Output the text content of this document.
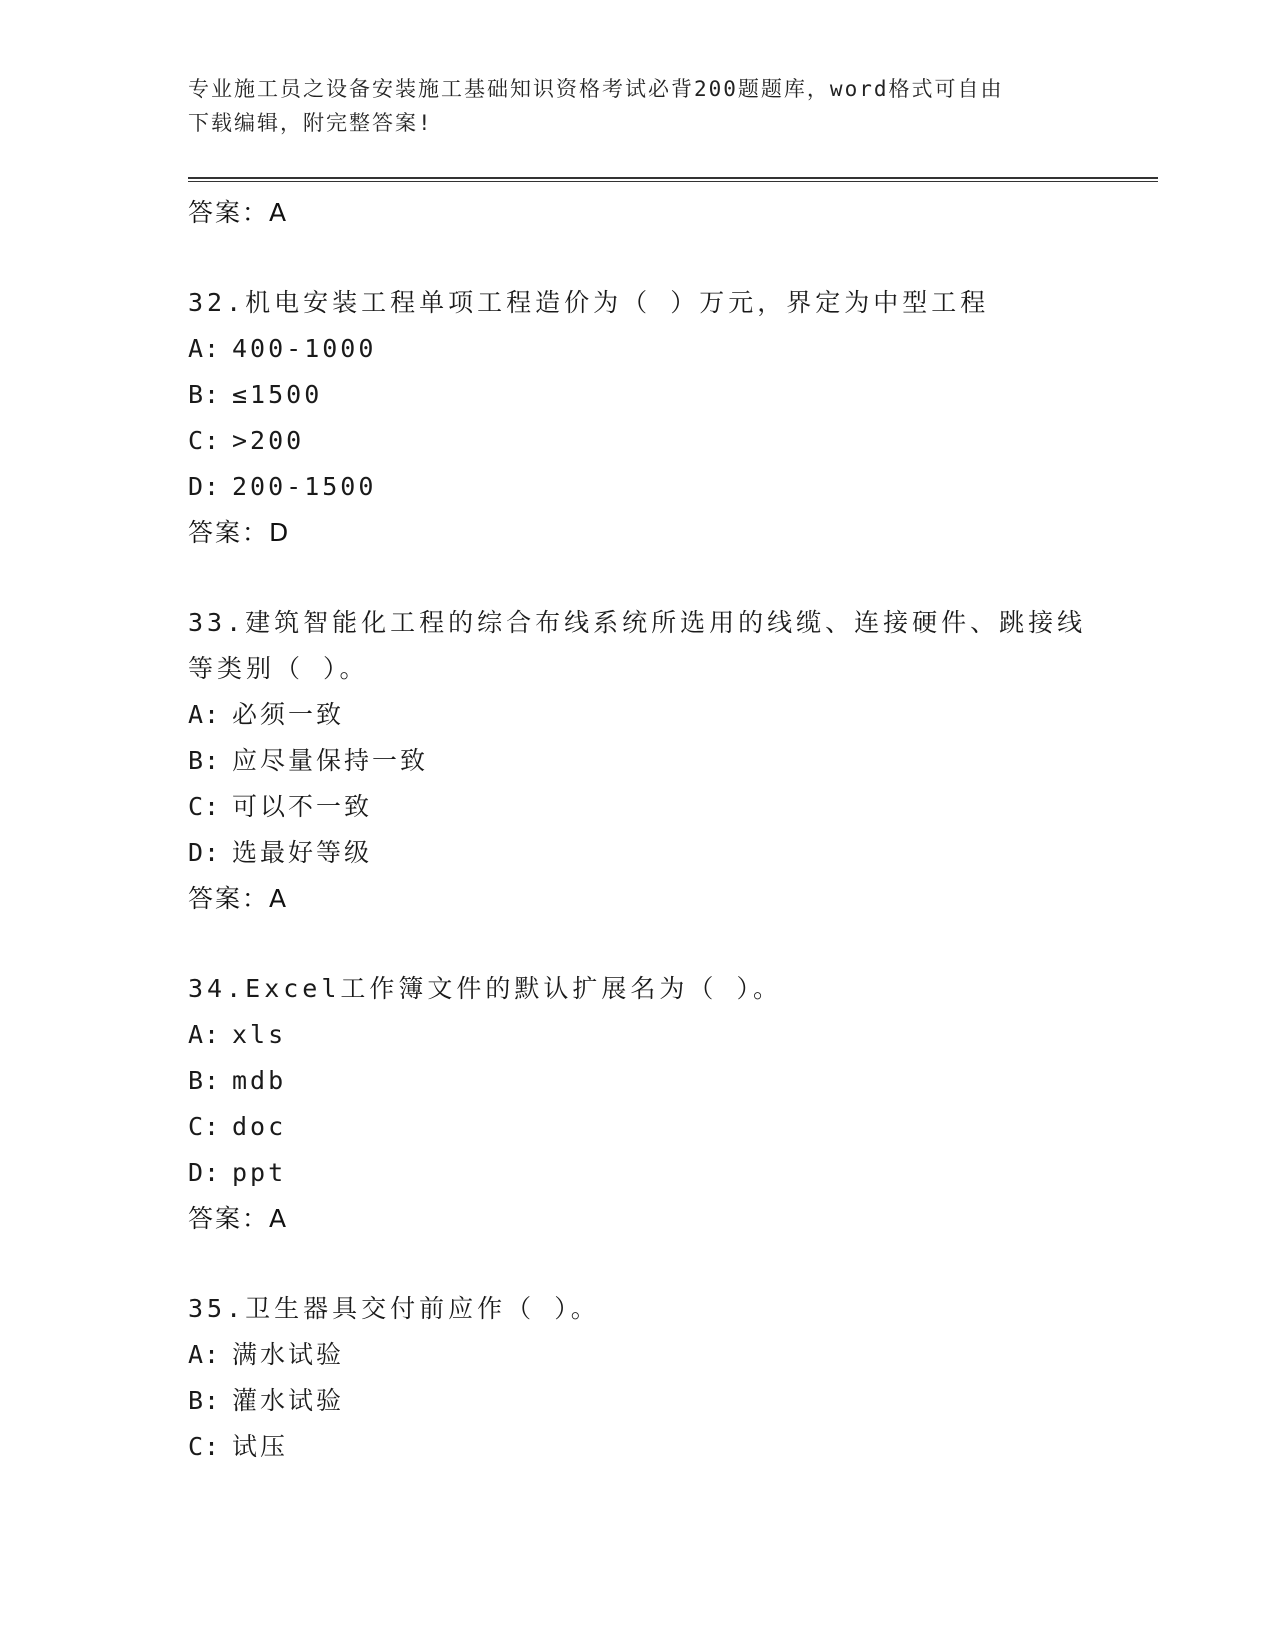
专业施工员之设备安装施工基础知识资格考试必背200题题库，word格式可自由
下载编辑，附完整答案!
答案：A
32.机电安装工程单项工程造价为（ ）万元，界定为中型工程
A: 400-1000
B: ≤1500
C: >200
D: 200-1500
答案：D
33.建筑智能化工程的综合布线系统所选用的线缆、连接硬件、跳接线
等类别（ ）。
A: 必须一致
B: 应尽量保持一致
C: 可以不一致
D: 选最好等级
答案：A
34.Excel工作簿文件的默认扩展名为（ ）。
A: xls
B: mdb
C: doc
D: ppt
答案：A
35.卫生器具交付前应作（ ）。
A: 满水试验
B: 灌水试验
C: 试压
